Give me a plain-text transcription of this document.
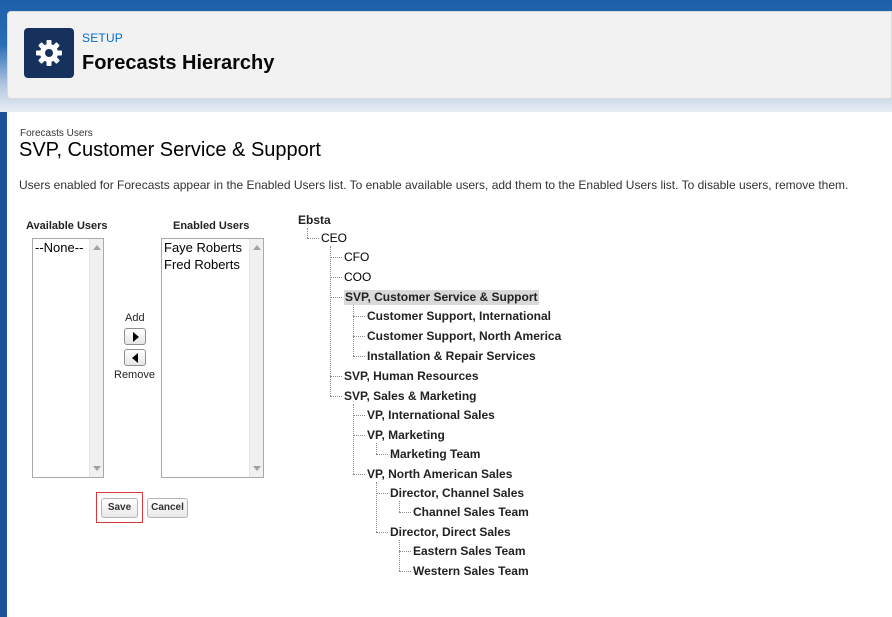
SETUP
Forecasts Hierarchy
Forecasts Users
SVP, Customer Service & Support
Users enabled for Forecasts appear in the Enabled Users list. To enable available users, add them to the Enabled Users list. To disable users, remove them.
Available Users	Enabled Users
--None--	Faye Roberts
Fred Roberts
Add
Remove
Save	Cancel
Ebsta
CEO
CFO
COO
SVP, Customer Service & Support
Customer Support, International
Customer Support, North America
Installation & Repair Services
SVP, Human Resources
SVP, Sales & Marketing
VP, International Sales
VP, Marketing
Marketing Team
VP, North American Sales
Director, Channel Sales
Channel Sales Team
Director, Direct Sales
Eastern Sales Team
Western Sales Team
